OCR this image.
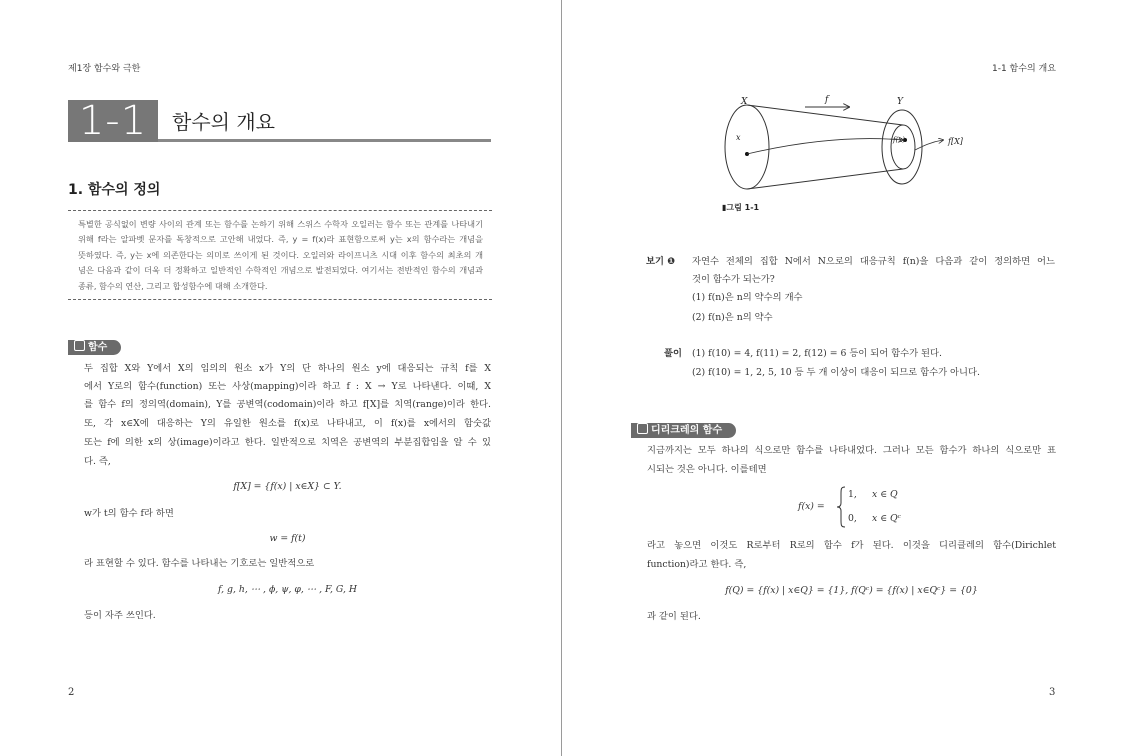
제1장 함수와 극한
1-1	함수의 개요
1. 함수의 정의

특별한 공식없이 변량 사이의 관계 또는 함수를 논하기 위해 스위스 수학자 오일러는 함수 또는 관계를 나타내기

위해 f라는 알파벳 문자를 독창적으로 고안해 내었다. 즉, y = f(x)라 표현함으로써 y는 x의 함수라는 개념을

뜻하였다. 즉, y는 x에 의존한다는 의미로 쓰이게 된 것이다. 오일러와 라이프니츠 시대 이후 함수의 최초의 개

념은 다음과 같이 더욱 더 정확하고 일반적인 수학적인 개념으로 발전되었다. 여기서는 전반적인 함수의 개념과

종류, 함수의 연산, 그리고 합성함수에 대해 소개한다.

함수
두 집합 X와 Y에서 X의 임의의 원소 x가 Y의 단 하나의 원소 y에 대응되는 규칙 f를 X
에서 Y로의 함수(function) 또는 사상(mapping)이라 하고 f : X → Y로 나타낸다. 이때, X
를 함수 f의 정의역(domain), Y를 공변역(codomain)이라 하고 f[X]를 치역(range)이라 한다.
또, 각 x∈X에 대응하는 Y의 유일한 원소를 f(x)로 나타내고, 이 f(x)를 x에서의 함숫값
또는 f에 의한 x의 상(image)이라고 한다. 일반적으로 치역은 공변역의 부분집합임을 알 수 있
다. 즉,
f[X] = {f(x) | x∈X} ⊂ Y.
w가 t의 함수 f라 하면
w = f(t)
라 표현할 수 있다. 함수를 나타내는 기호로는 일반적으로
f, g, h, ⋯ , ϕ, ψ, φ, ⋯ , F, G, H
등이 자주 쓰인다.
2
1-1 함수의 개요
X	Y
f
x	f(x)	f[X]
▮그림 1-1
보기 ❶ 자연수 전체의 집합 N에서 N으로의 대응규칙 f(n)을 다음과 같이 정의하면 어느
것이 함수가 되는가?
(1) f(n)은 n의 약수의 개수
(2) f(n)은 n의 약수
풀이 (1) f(10) = 4, f(11) = 2, f(12) = 6 등이 되어 함수가 된다.
(2) f(10) = 1, 2, 5, 10 등 두 개 이상이 대응이 되므로 함수가 아니다.
디리크레의 함수
지금까지는 모두 하나의 식으로만 함수를 나타내었다. 그러나 모든 함수가 하나의 식으로만 표
시되는 것은 아니다. 이를테면
f(x) =
1, x ∈ Q
0, x ∈ Qᶜ
라고 놓으면 이것도 R로부터 R로의 함수 f가 된다. 이것을 디리클레의 함수(Dirichlet
function)라고 한다. 즉,
f(Q) = {f(x) | x∈Q} = {1}, f(Qᶜ) = {f(x) | x∈Qᶜ} = {0}
과 같이 된다.
3
